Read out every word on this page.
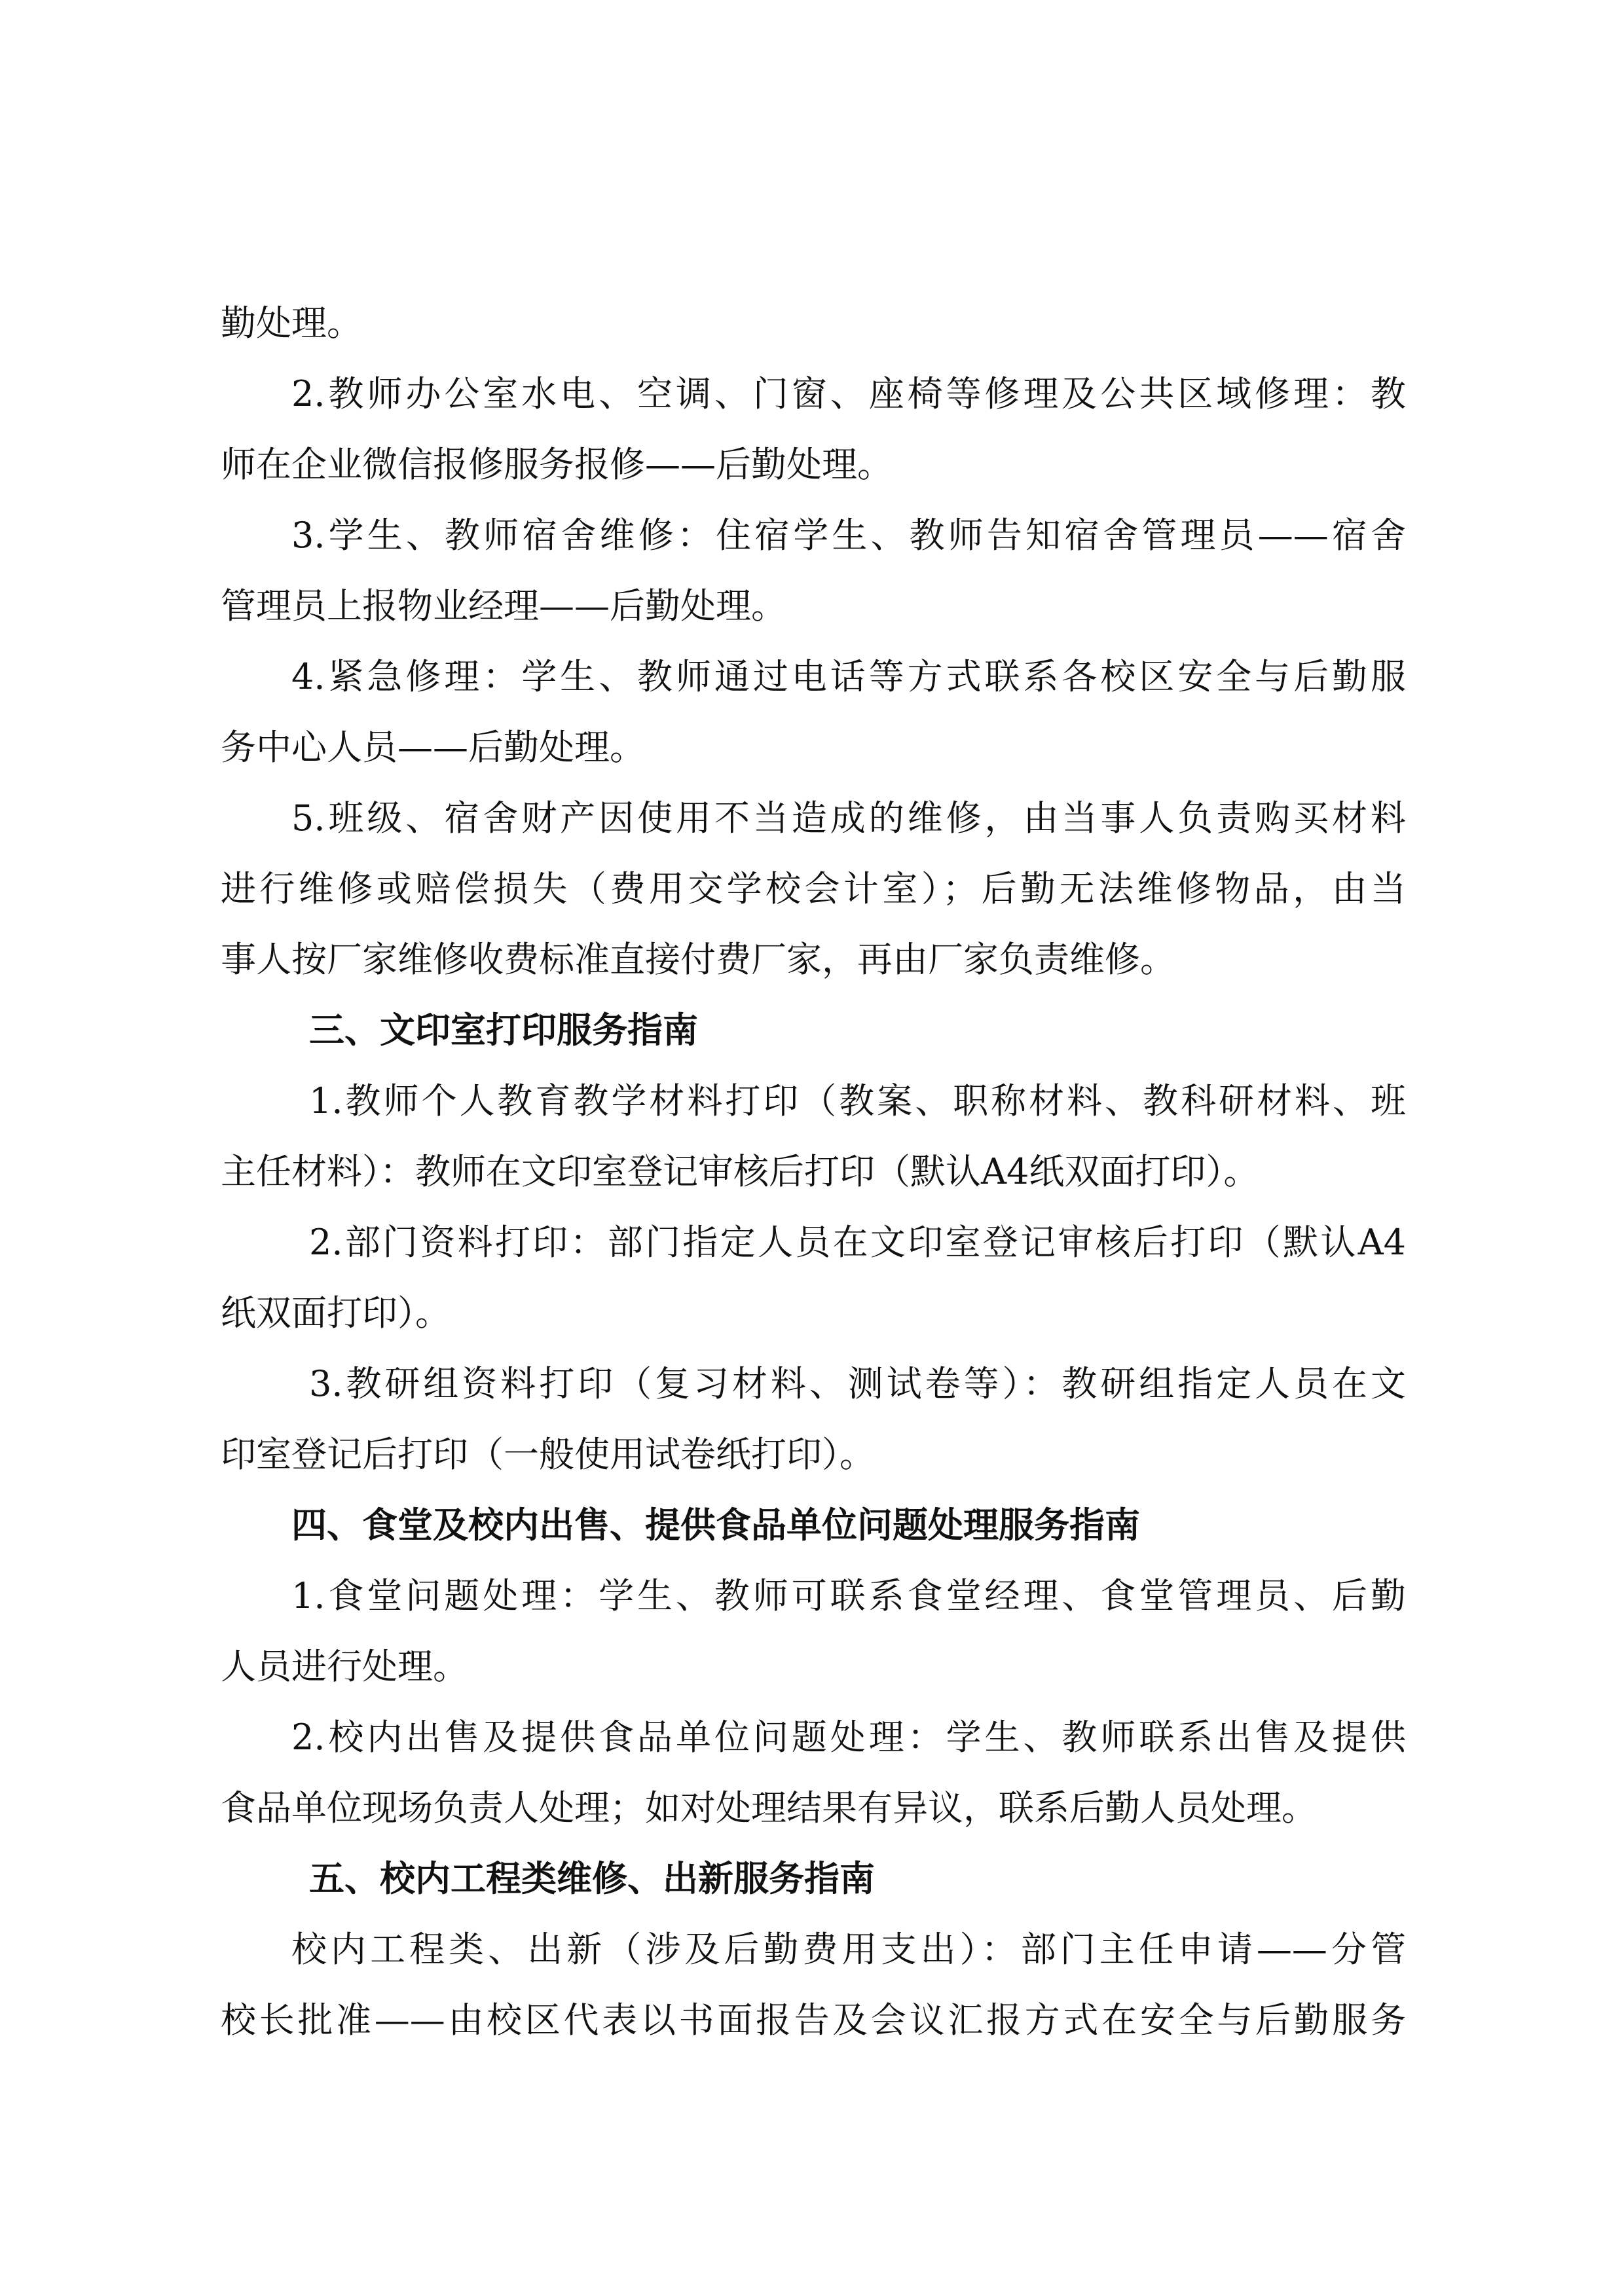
勤处理。
2.教师办公室水电、空调、门窗、座椅等修理及公共区域修理：教
师在企业微信报修服务报修——后勤处理。
3.学生、教师宿舍维修：住宿学生、教师告知宿舍管理员——宿舍
管理员上报物业经理——后勤处理。
4.紧急修理：学生、教师通过电话等方式联系各校区安全与后勤服
务中心人员——后勤处理。
5.班级、宿舍财产因使用不当造成的维修，由当事人负责购买材料
进行维修或赔偿损失（费用交学校会计室）；后勤无法维修物品，由当
事人按厂家维修收费标准直接付费厂家，再由厂家负责维修。
三、文印室打印服务指南
1.教师个人教育教学材料打印（教案、职称材料、教科研材料、班
主任材料）：教师在文印室登记审核后打印（默认A4纸双面打印）。
2.部门资料打印：部门指定人员在文印室登记审核后打印（默认A4
纸双面打印）。
3.教研组资料打印（复习材料、测试卷等）：教研组指定人员在文
印室登记后打印（一般使用试卷纸打印）。
四、食堂及校内出售、提供食品单位问题处理服务指南
1.食堂问题处理：学生、教师可联系食堂经理、食堂管理员、后勤
人员进行处理。
2.校内出售及提供食品单位问题处理：学生、教师联系出售及提供
食品单位现场负责人处理；如对处理结果有异议，联系后勤人员处理。
五、校内工程类维修、出新服务指南
校内工程类、出新（涉及后勤费用支出）：部门主任申请——分管
校长批准——由校区代表以书面报告及会议汇报方式在安全与后勤服务
